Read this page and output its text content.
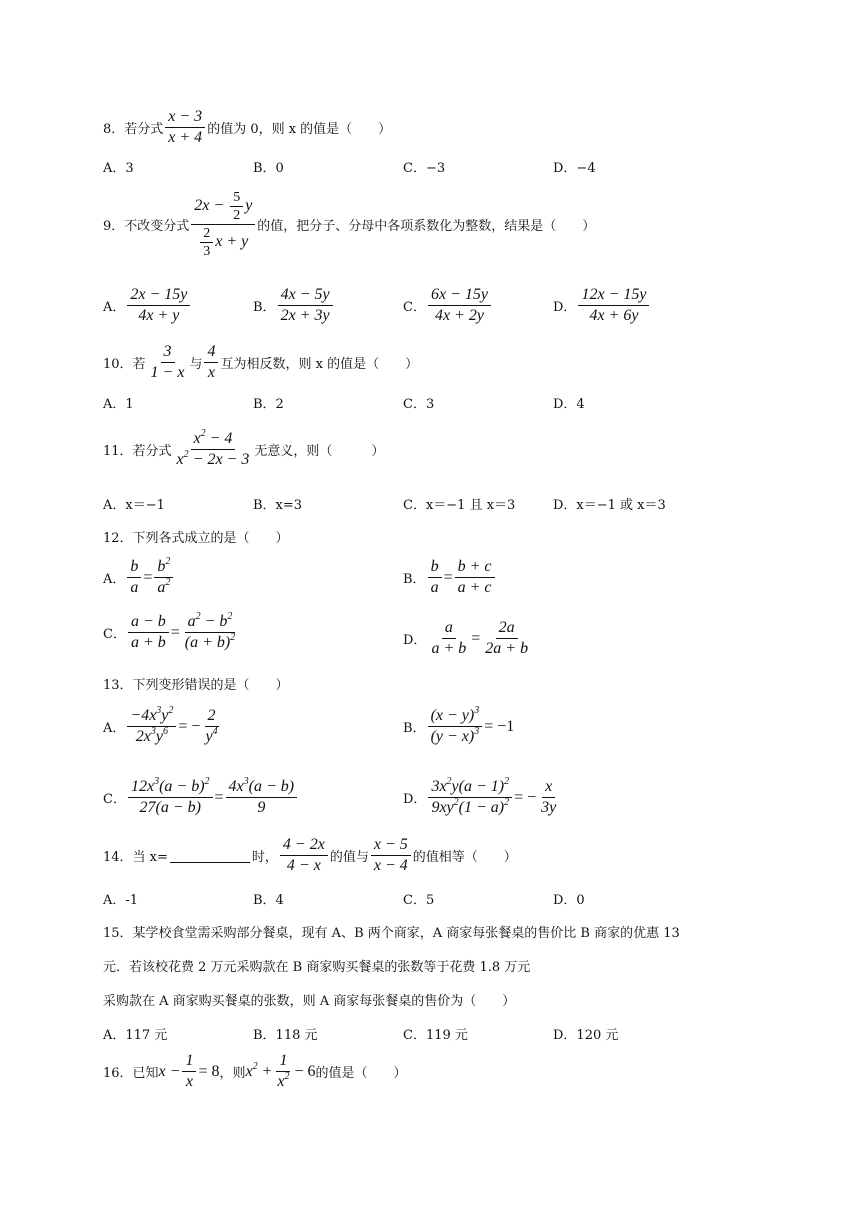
8．若分式 $\frac{x - 3}{x + 4}$ 的值为 0，则 x 的值是（　　）
A．3	B．0	C．−3	D．−4
9．不改变分式 $\frac{2x - \frac{5}{2} y}{\frac{2}{3} x + y}$ 的值，把分子、分母中各项系数化为整数，结果是（　　）
A． $\frac{2x - 15y}{4x + y}$	B． $\frac{4x - 5y}{2x + 3y}$	C． $\frac{6x - 15y}{4x + 2y}$	D． $\frac{12x - 15y}{4x + 6y}$
10．若 $\frac{3}{1 - x}$ 与 $\frac{4}{x}$ 互为相反数，则 x 的值是（　　）
A．1	B．2	C．3	D．4
11．若分式 $\frac{x^2 - 4}{x^2 - 2x - 3}$ 无意义，则（　　　）
A．x＝−1	B．x=3	C．x＝−1 且 x＝3	D．x＝−1 或 x＝3
12．下列各式成立的是（　　）
A． $\frac{b}{a} = \frac{b^2}{a^2}$	B． $\frac{b}{a} = \frac{b + c}{a + c}$
C． $\frac{a - b}{a + b} = \frac{a^2 - b^2}{(a + b)^2}$	D． $\frac{a}{a + b} = \frac{2a}{2a + b}$
13．下列变形错误的是（　　）
A． $\frac{-4x^3y^2}{2x^3y^6}$ = − $\frac{2}{y^4}$	B． $\frac{(x - y)^3}{(y - x)^3} = -1$
C． $\frac{12x^3(a - b)^2}{27(a - b)} = \frac{4x^3(a - b)}{9}$	D． $\frac{3x^2y(a - 1)^2}{9xy^2(1 - a)^2}$ = − $\frac{x}{3y}$
14．当 x=	时， $\frac{4 - 2x}{4 - x}$ 的值与 $\frac{x - 5}{x - 4}$ 的值相等（　　）
A．-1	B．4	C．5	D．0
15．某学校食堂需采购部分餐桌，现有 A、B 两个商家，A 商家每张餐桌的售价比 B 商家的优惠 13
元．若该校花费 2 万元采购款在 B 商家购买餐桌的张数等于花费 1.8 万元
采购款在 A 商家购买餐桌的张数，则 A 商家每张餐桌的售价为（　　）
A．117 元	B．118 元	C．119 元	D．120 元
16．已知 $x - \frac{1}{x} = 8$ ，则 $x^2 + \frac{1}{x^2} - 6$ 的值是（　　）
